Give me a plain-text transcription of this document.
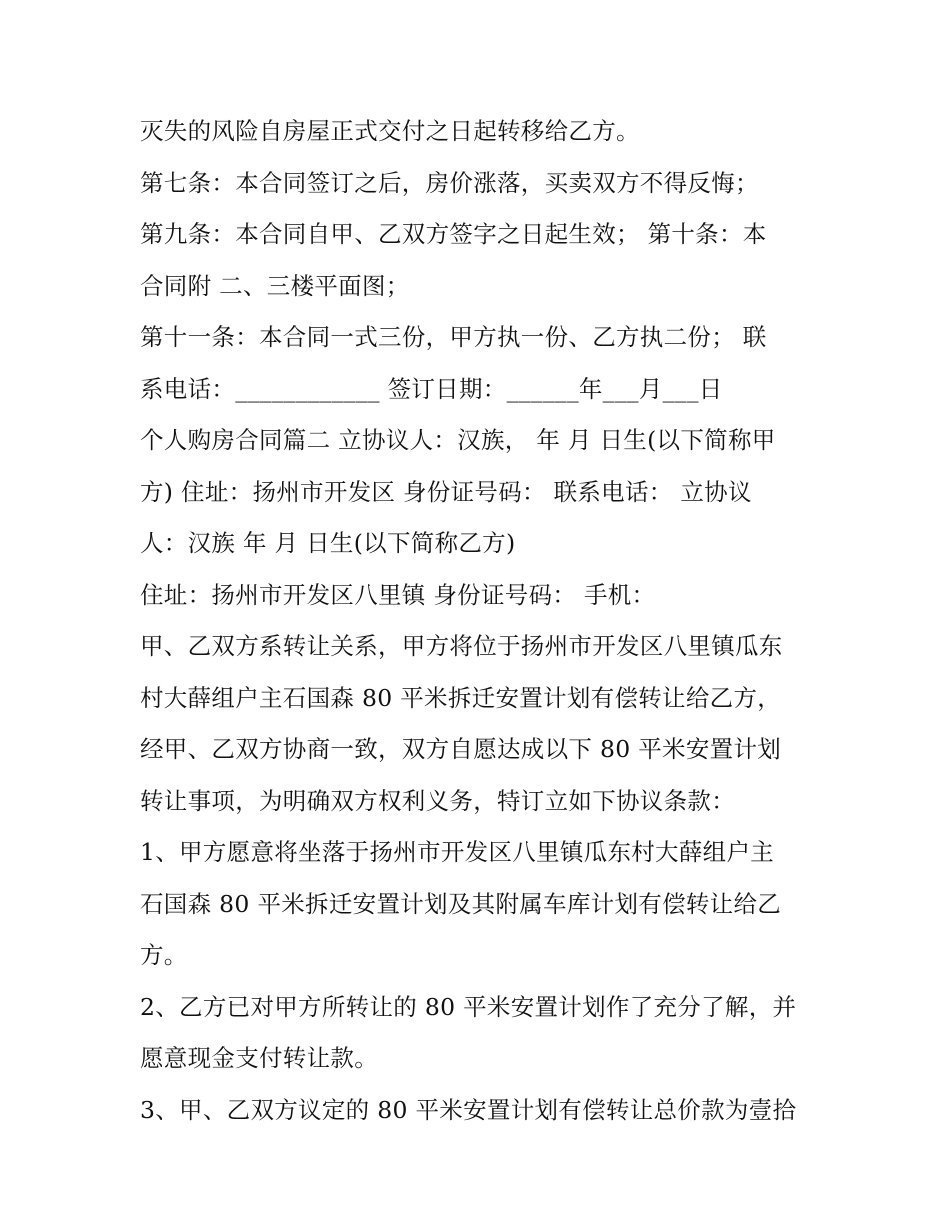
灭失的风险自房屋正式交付之日起转移给乙方。
第七条：本合同签订之后，房价涨落，买卖双方不得反悔；
第九条：本合同自甲、乙双方签字之日起生效； 第十条：本
合同附 二、三楼平面图；
第十一条：本合同一式三份，甲方执一份、乙方执二份； 联
系电话：____________ 签订日期：______年___月___日
个人购房合同篇二 立协议人：汉族， 年 月 日生(以下简称甲
方) 住址：扬州市开发区 身份证号码： 联系电话： 立协议
人：汉族 年 月 日生(以下简称乙方)
住址：扬州市开发区八里镇 身份证号码： 手机：
甲、乙双方系转让关系，甲方将位于扬州市开发区八里镇瓜东
村大薛组户主石国森 80 平米拆迁安置计划有偿转让给乙方，
经甲、乙双方协商一致，双方自愿达成以下 80 平米安置计划
转让事项，为明确双方权利义务，特订立如下协议条款：
1、甲方愿意将坐落于扬州市开发区八里镇瓜东村大薛组户主
石国森 80 平米拆迁安置计划及其附属车库计划有偿转让给乙
方。
2、乙方已对甲方所转让的 80 平米安置计划作了充分了解，并
愿意现金支付转让款。
3、甲、乙双方议定的 80 平米安置计划有偿转让总价款为壹拾
